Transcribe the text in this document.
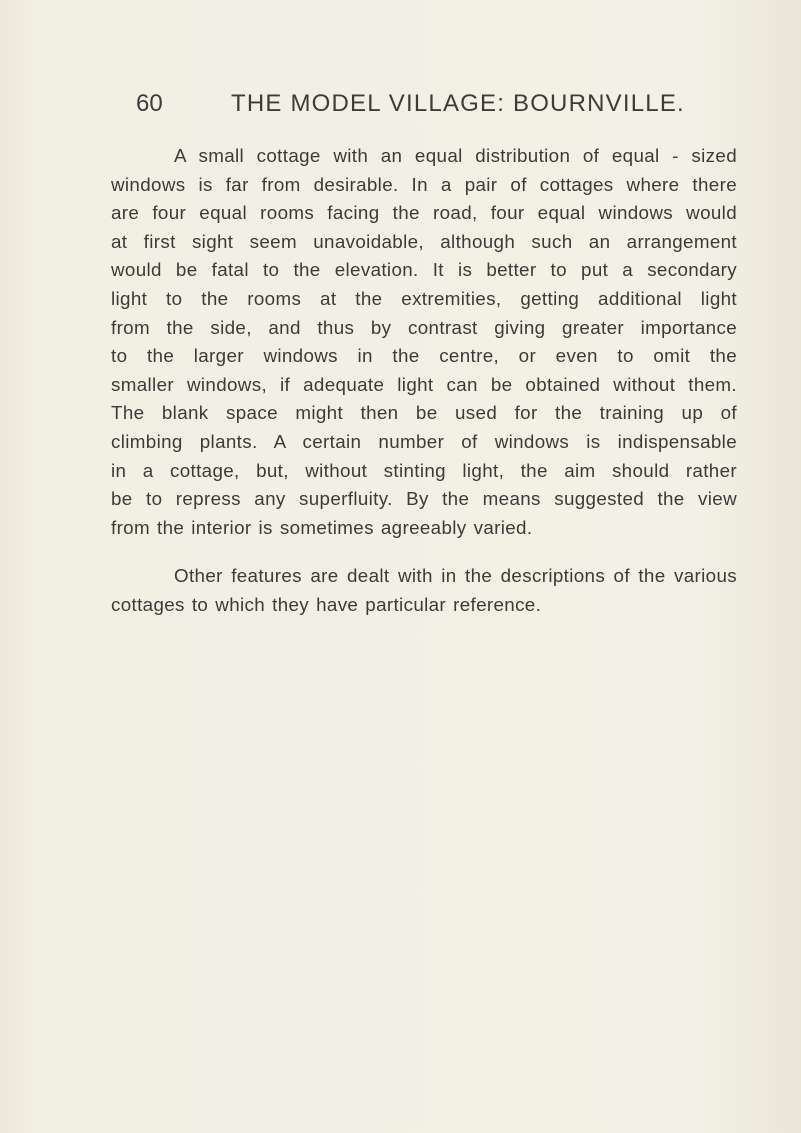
60	THE MODEL VILLAGE: BOURNVILLE.

A small cottage with an equal distribution of equal - sized
windows is far from desirable. In a pair of cottages where there
are four equal rooms facing the road, four equal windows would
at first sight seem unavoidable, although such an arrangement
would be fatal to the elevation. It is better to put a secondary
light to the rooms at the extremities, getting additional light
from the side, and thus by contrast giving greater importance
to the larger windows in the centre, or even to omit the
smaller windows, if adequate light can be obtained without them.
The blank space might then be used for the training up of
climbing plants. A certain number of windows is indispensable
in a cottage, but, without stinting light, the aim should rather
be to repress any superfluity. By the means suggested the view
from the interior is sometimes agreeably varied.

Other features are dealt with in the descriptions of the various
cottages to which they have particular reference.
